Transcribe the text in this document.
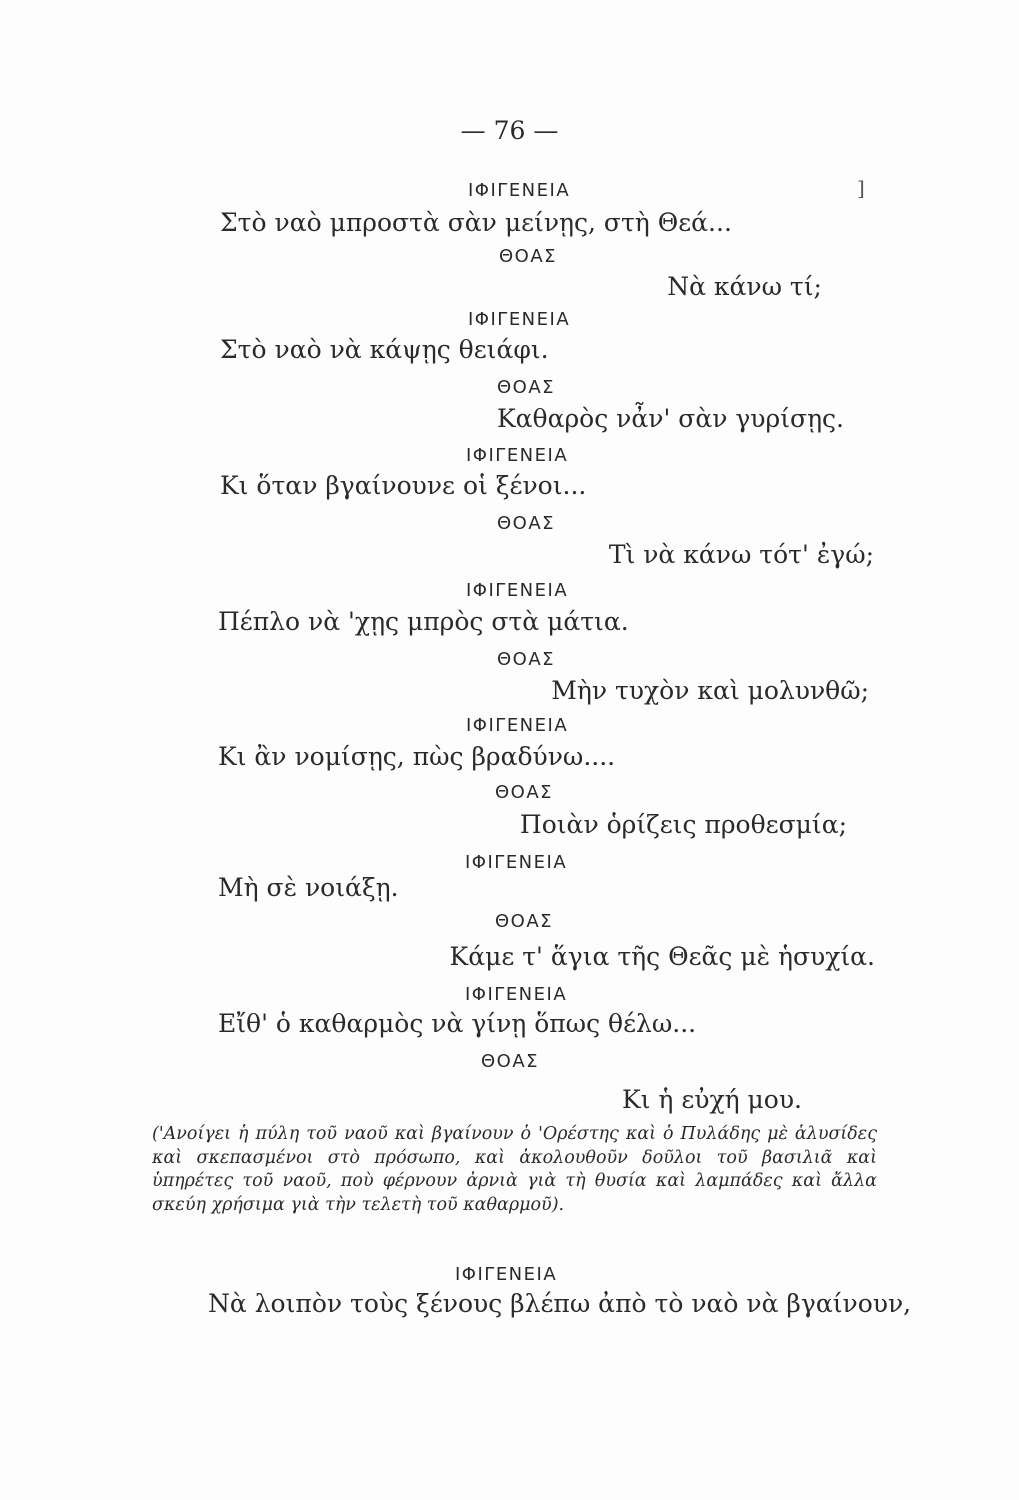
— 76 —
]
ΙΦΙΓΕΝΕΙΑ
Στὸ ναὸ μπροστὰ σὰν μείνῃς, στὴ Θεά...
ΘΟΑΣ
Νὰ κάνω τί;
ΙΦΙΓΕΝΕΙΑ
Στὸ ναὸ νὰ κάψῃς θειάφι.
ΘΟΑΣ
Καθαρὸς νἆν' σὰν γυρίσῃς.
ΙΦΙΓΕΝΕΙΑ
Κι ὅταν βγαίνουνε οἱ ξένοι...
ΘΟΑΣ
Τὶ νὰ κάνω τότ' ἐγώ;
ΙΦΙΓΕΝΕΙΑ
Πέπλο νὰ 'χῃς μπρὸς στὰ μάτια.
ΘΟΑΣ
Μὴν τυχὸν καὶ μολυνθῶ;
ΙΦΙΓΕΝΕΙΑ
Κι ἂν νομίσῃς, πὼς βραδύνω....
ΘΟΑΣ
Ποιὰν ὁρίζεις προθεσμία;
ΙΦΙΓΕΝΕΙΑ
Μὴ σὲ νοιάξῃ.
ΘΟΑΣ
Κάμε τ' ἅγια τῆς Θεᾶς μὲ ἡσυχία.
ΙΦΙΓΕΝΕΙΑ
Εἴθ' ὁ καθαρμὸς νὰ γίνῃ ὅπως θέλω...
ΘΟΑΣ
Κι ἡ εὐχή μου.
('Ανοίγει ἡ πύλη τοῦ ναοῦ καὶ βγαίνουν ὁ 'Ορέστης καὶ ὁ Πυλάδης μὲ ἁλυσίδες καὶ σκεπασμένοι στὸ πρόσωπο, καὶ ἀκολουθοῦν δοῦλοι τοῦ βασιλιᾶ καὶ ὑπηρέτες τοῦ ναοῦ, ποὺ φέρνουν ἀρνιὰ γιὰ τὴ θυσία καὶ λαμπάδες καὶ ἄλλα σκεύη χρήσιμα γιὰ τὴν τελετὴ τοῦ καθαρμοῦ).
ΙΦΙΓΕΝΕΙΑ
Νὰ λοιπὸν τοὺς ξένους βλέπω ἀπὸ τὸ ναὸ νὰ βγαίνουν,
